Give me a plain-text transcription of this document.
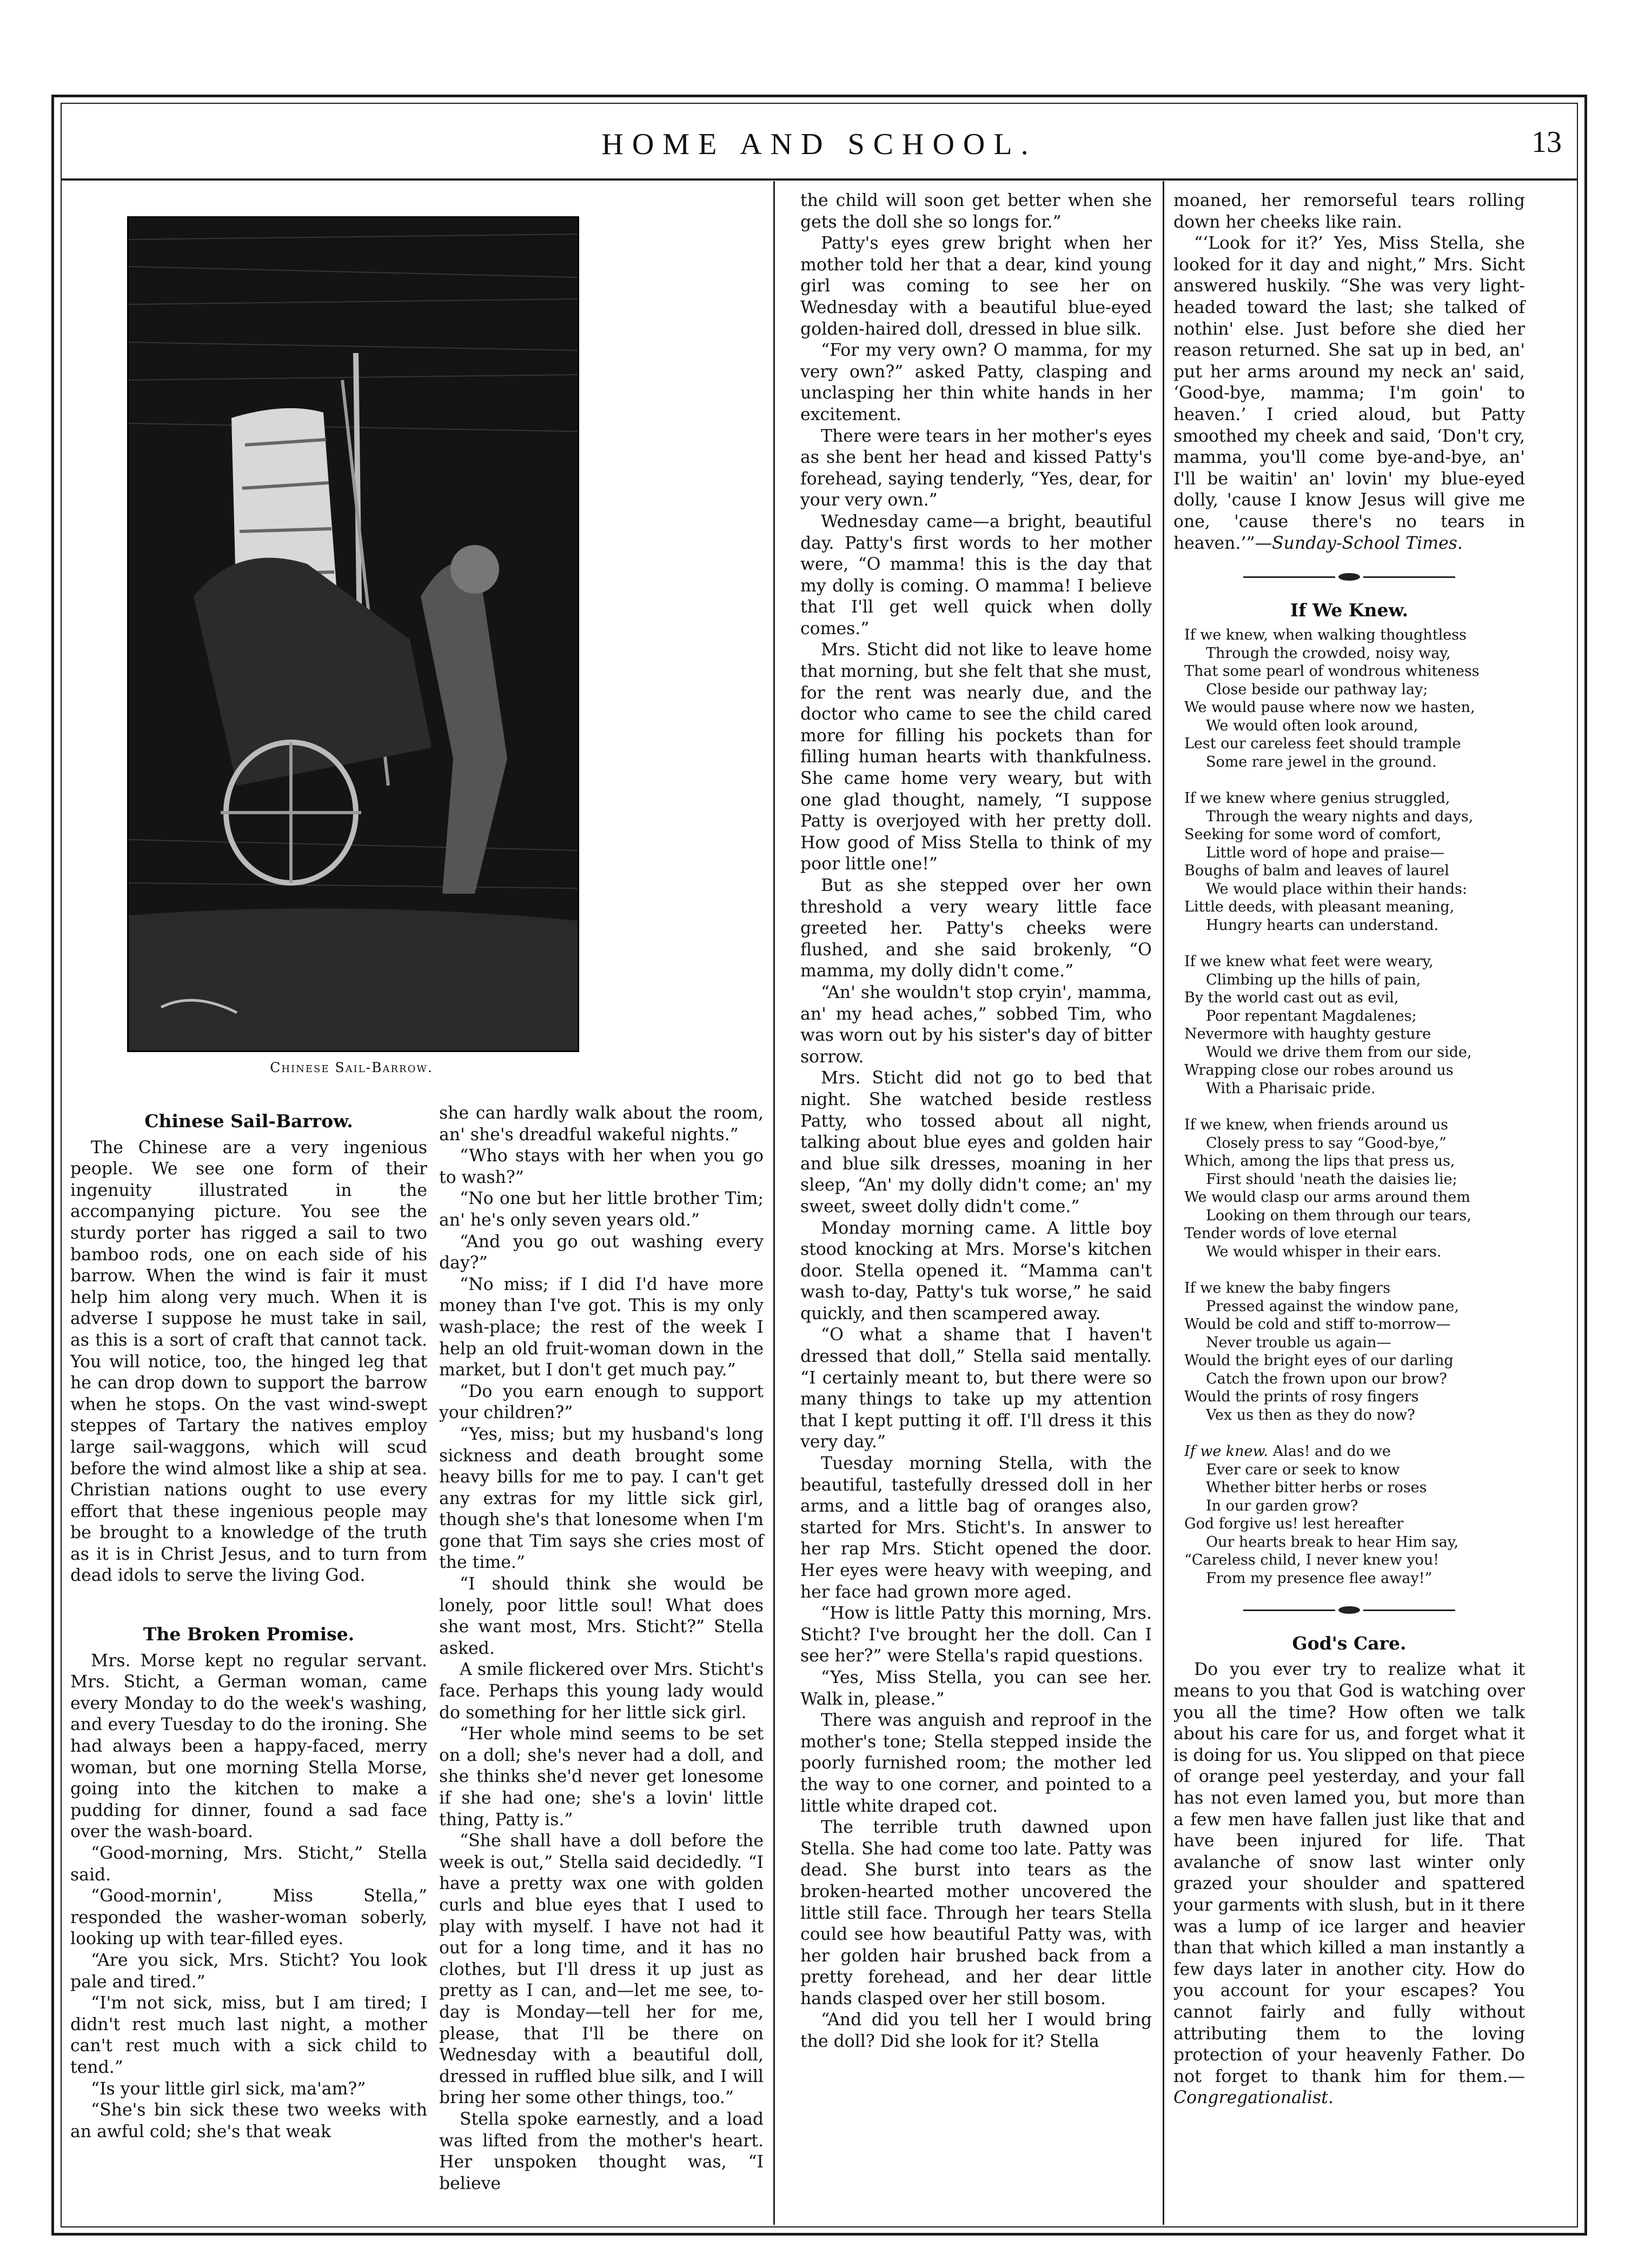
HOME AND SCHOOL.	13
Chinese Sail-Barrow.
Chinese Sail-Barrow.

The Chinese are a very ingenious people. We see one form of their ingenuity illustrated in the accompanying picture. You see the sturdy porter has rigged a sail to two bamboo rods, one on each side of his barrow. When the wind is fair it must help him along very much. When it is adverse I suppose he must take in sail, as this is a sort of craft that cannot tack. You will notice, too, the hinged leg that he can drop down to support the barrow when he stops. On the vast wind-swept steppes of Tartary the natives employ large sail-waggons, which will scud before the wind almost like a ship at sea. Christian nations ought to use every effort that these ingenious people may be brought to a knowledge of the truth as it is in Christ Jesus, and to turn from dead idols to serve the living God.

The Broken Promise.

Mrs. Morse kept no regular servant. Mrs. Sticht, a German woman, came every Monday to do the week's washing, and every Tuesday to do the ironing. She had always been a happy-faced, merry woman, but one morning Stella Morse, going into the kitchen to make a pudding for dinner, found a sad face over the wash-board.

“Good-morning, Mrs. Sticht,” Stella said.

“Good-mornin', Miss Stella,” responded the washer-woman soberly, looking up with tear-filled eyes.

“Are you sick, Mrs. Sticht? You look pale and tired.”

“I'm not sick, miss, but I am tired; I didn't rest much last night, a mother can't rest much with a sick child to tend.”

“Is your little girl sick, ma'am?”

“She's bin sick these two weeks with an awful cold; she's that weak

she can hardly walk about the room, an' she's dreadful wakeful nights.”

“Who stays with her when you go to wash?”

“No one but her little brother Tim; an' he's only seven years old.”

“And you go out washing every day?”

“No miss; if I did I'd have more money than I've got. This is my only wash-place; the rest of the week I help an old fruit-woman down in the market, but I don't get much pay.”

“Do you earn enough to support your children?”

“Yes, miss; but my husband's long sickness and death brought some heavy bills for me to pay. I can't get any extras for my little sick girl, though she's that lonesome when I'm gone that Tim says she cries most of the time.”

“I should think she would be lonely, poor little soul! What does she want most, Mrs. Sticht?” Stella asked.

A smile flickered over Mrs. Sticht's face. Perhaps this young lady would do something for her little sick girl.

“Her whole mind seems to be set on a doll; she's never had a doll, and she thinks she'd never get lonesome if she had one; she's a lovin' little thing, Patty is.”

“She shall have a doll before the week is out,” Stella said decidedly. “I have a pretty wax one with golden curls and blue eyes that I used to play with myself. I have not had it out for a long time, and it has no clothes, but I'll dress it up just as pretty as I can, and—let me see, to-day is Monday—tell her for me, please, that I'll be there on Wednesday with a beautiful doll, dressed in ruffled blue silk, and I will bring her some other things, too.”

Stella spoke earnestly, and a load was lifted from the mother's heart. Her unspoken thought was, “I believe

the child will soon get better when she gets the doll she so longs for.”

Patty's eyes grew bright when her mother told her that a dear, kind young girl was coming to see her on Wednesday with a beautiful blue-eyed golden-haired doll, dressed in blue silk.

“For my very own? O mamma, for my very own?” asked Patty, clasping and unclasping her thin white hands in her excitement.

There were tears in her mother's eyes as she bent her head and kissed Patty's forehead, saying tenderly, “Yes, dear, for your very own.”

Wednesday came—a bright, beautiful day. Patty's first words to her mother were, “O mamma! this is the day that my dolly is coming. O mamma! I believe that I'll get well quick when dolly comes.”

Mrs. Sticht did not like to leave home that morning, but she felt that she must, for the rent was nearly due, and the doctor who came to see the child cared more for filling his pockets than for filling human hearts with thankfulness. She came home very weary, but with one glad thought, namely, “I suppose Patty is overjoyed with her pretty doll. How good of Miss Stella to think of my poor little one!”

But as she stepped over her own threshold a very weary little face greeted her. Patty's cheeks were flushed, and she said brokenly, “O mamma, my dolly didn't come.”

“An' she wouldn't stop cryin', mamma, an' my head aches,” sobbed Tim, who was worn out by his sister's day of bitter sorrow.

Mrs. Sticht did not go to bed that night. She watched beside restless Patty, who tossed about all night, talking about blue eyes and golden hair and blue silk dresses, moaning in her sleep, “An' my dolly didn't come; an' my sweet, sweet dolly didn't come.”

Monday morning came. A little boy stood knocking at Mrs. Morse's kitchen door. Stella opened it. “Mamma can't wash to-day, Patty's tuk worse,” he said quickly, and then scampered away.

“O what a shame that I haven't dressed that doll,” Stella said mentally. “I certainly meant to, but there were so many things to take up my attention that I kept putting it off. I'll dress it this very day.”

Tuesday morning Stella, with the beautiful, tastefully dressed doll in her arms, and a little bag of oranges also, started for Mrs. Sticht's. In answer to her rap Mrs. Sticht opened the door. Her eyes were heavy with weeping, and her face had grown more aged.

“How is little Patty this morning, Mrs. Sticht? I've brought her the doll. Can I see her?” were Stella's rapid questions.

“Yes, Miss Stella, you can see her. Walk in, please.”

There was anguish and reproof in the mother's tone; Stella stepped inside the poorly furnished room; the mother led the way to one corner, and pointed to a little white draped cot.

The terrible truth dawned upon Stella. She had come too late. Patty was dead. She burst into tears as the broken-hearted mother uncovered the little still face. Through her tears Stella could see how beautiful Patty was, with her golden hair brushed back from a pretty forehead, and her dear little hands clasped over her still bosom.

“And did you tell her I would bring the doll? Did she look for it? Stella

moaned, her remorseful tears rolling down her cheeks like rain.

“‘Look for it?’ Yes, Miss Stella, she looked for it day and night,” Mrs. Sicht answered huskily. “She was very light-headed toward the last; she talked of nothin' else. Just before she died her reason returned. She sat up in bed, an' put her arms around my neck an' said, ‘Good-bye, mamma; I'm goin' to heaven.’ I cried aloud, but Patty smoothed my cheek and said, ‘Don't cry, mamma, you'll come bye-and-bye, an' I'll be waitin' an' lovin' my blue-eyed dolly, 'cause I know Jesus will give me one, 'cause there's no tears in heaven.’”—Sunday-School Times.

If We Knew.
If we knew, when walking thoughtless
Through the crowded, noisy way,
That some pearl of wondrous whiteness
Close beside our pathway lay;
We would pause where now we hasten,
We would often look around,
Lest our careless feet should trample
Some rare jewel in the ground.
If we knew where genius struggled,
Through the weary nights and days,
Seeking for some word of comfort,
Little word of hope and praise—
Boughs of balm and leaves of laurel
We would place within their hands:
Little deeds, with pleasant meaning,
Hungry hearts can understand.
If we knew what feet were weary,
Climbing up the hills of pain,
By the world cast out as evil,
Poor repentant Magdalenes;
Nevermore with haughty gesture
Would we drive them from our side,
Wrapping close our robes around us
With a Pharisaic pride.
If we knew, when friends around us
Closely press to say “Good-bye,”
Which, among the lips that press us,
First should 'neath the daisies lie;
We would clasp our arms around them
Looking on them through our tears,
Tender words of love eternal
We would whisper in their ears.
If we knew the baby fingers
Pressed against the window pane,
Would be cold and stiff to-morrow—
Never trouble us again—
Would the bright eyes of our darling
Catch the frown upon our brow?
Would the prints of rosy fingers
Vex us then as they do now?
If we knew. Alas! and do we
Ever care or seek to know
Whether bitter herbs or roses
In our garden grow?
God forgive us! lest hereafter
Our hearts break to hear Him say,
“Careless child, I never knew you!
From my presence flee away!”
God's Care.

Do you ever try to realize what it means to you that God is watching over you all the time? How often we talk about his care for us, and forget what it is doing for us. You slipped on that piece of orange peel yesterday, and your fall has not even lamed you, but more than a few men have fallen just like that and have been injured for life. That avalanche of snow last winter only grazed your shoulder and spattered your garments with slush, but in it there was a lump of ice larger and heavier than that which killed a man instantly a few days later in another city. How do you account for your escapes? You cannot fairly and fully without attributing them to the loving protection of your heavenly Father. Do not forget to thank him for them.—Congregationalist.
